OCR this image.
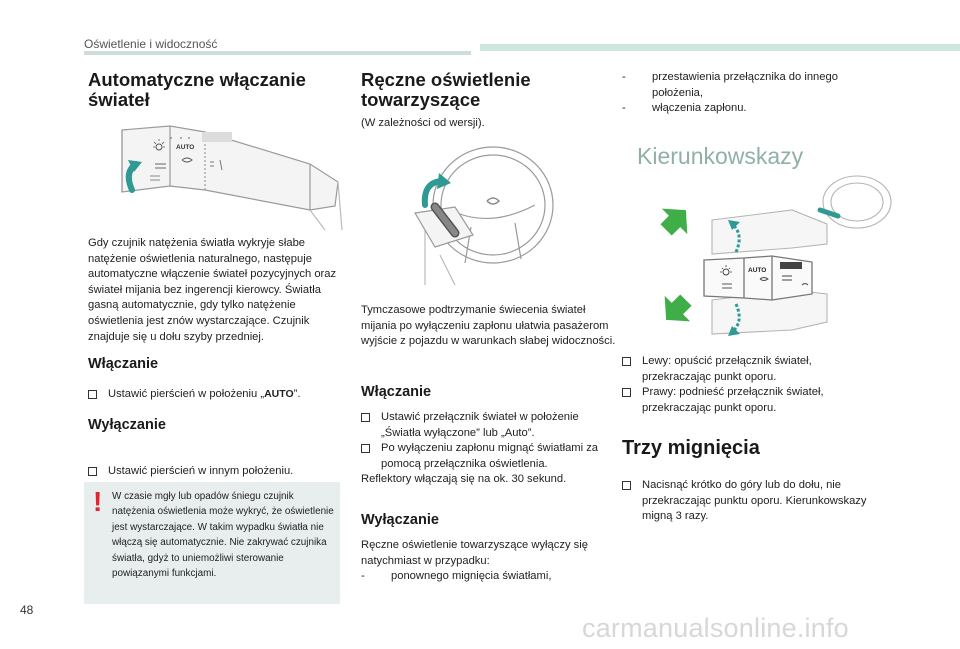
Oświetlenie i widoczność
Automatyczne włączanie
świateł
AUTO

Gdy czujnik natężenia światła wykryje słabe natężenie oświetlenia naturalnego, następuje automatyczne włączenie świateł pozycyjnych oraz świateł mijania bez ingerencji kierowcy. Światła gasną automatycznie, gdy tylko natężenie oświetlenia jest znów wystarczające. Czujnik znajduje się u dołu szyby przedniej.

Włączanie
Ustawić pierścień w położeniu „AUTO”.
Wyłączanie
Ustawić pierścień w innym położeniu.
! W czasie mgły lub opadów śniegu czujnik natężenia oświetlenia może wykryć, że oświetlenie jest wystarczające. W takim wypadku światła nie włączą się automatycznie. Nie zakrywać czujnika światła, gdyż to uniemożliwi sterowanie powiązanymi funkcjami.

Ręczne oświetlenie
towarzyszące

(W zależności od wersji).

Tymczasowe podtrzymanie świecenia świateł mijania po wyłączeniu zapłonu ułatwia pasażerom wyjście z pojazdu w warunkach słabej widoczności.

Włączanie
Ustawić przełącznik świateł w położenie „Światła wyłączone” lub „Auto”.
Po wyłączeniu zapłonu mignąć światłami za pomocą przełącznika oświetlenia.

Reflektory włączają się na ok. 30 sekund.

Wyłączanie

Ręczne oświetlenie towarzyszące wyłączy się natychmiast w przypadku:

- ponownego mignięcia światłami,
- przestawienia przełącznika do innego położenia,
- włączenia zapłonu.
Kierunkowskazy
AUTO
Lewy: opuścić przełącznik świateł, przekraczając punkt oporu.
Prawy: podnieść przełącznik świateł, przekraczając punkt oporu.
Trzy mignięcia
Nacisnąć krótko do góry lub do dołu, nie przekraczając punktu oporu. Kierunkowskazy migną 3 razy.
48
carmanualsonline.info
